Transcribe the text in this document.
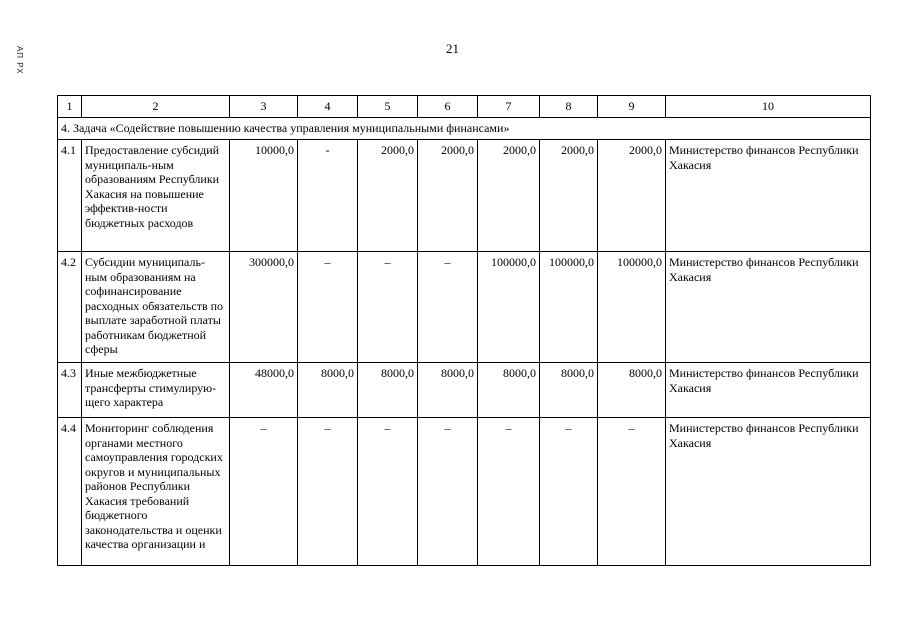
АП РХ	21
1	2	3	4	5	6	7	8	9	10
4. Задача «Содействие повышению качества управления муниципальными финансами»									
4.1	Предоставление субсидий муниципаль-ным образованиям Республики Хакасия на повышение эффектив-ности бюджетных расходов	10000,0	-	2000,0	2000,0	2000,0	2000,0	2000,0	Министерство финансов Республики Хакасия
4.2	Субсидии муниципаль-ным образованиям на софинансирование расходных обязательств по выплате заработной платы работникам бюджетной сферы	300000,0	–	–	–	100000,0	100000,0	100000,0	Министерство финансов Республики Хакасия
4.3	Иные межбюджетные трансферты стимулирую-щего характера	48000,0	8000,0	8000,0	8000,0	8000,0	8000,0	8000,0	Министерство финансов Республики Хакасия
4.4	Мониторинг соблюдения органами местного самоуправления городских округов и муниципальных районов Республики Хакасия требований бюджетного законодательства и оценки качества организации и	–	–	–	–	–	–	–	Министерство финансов Республики Хакасия
